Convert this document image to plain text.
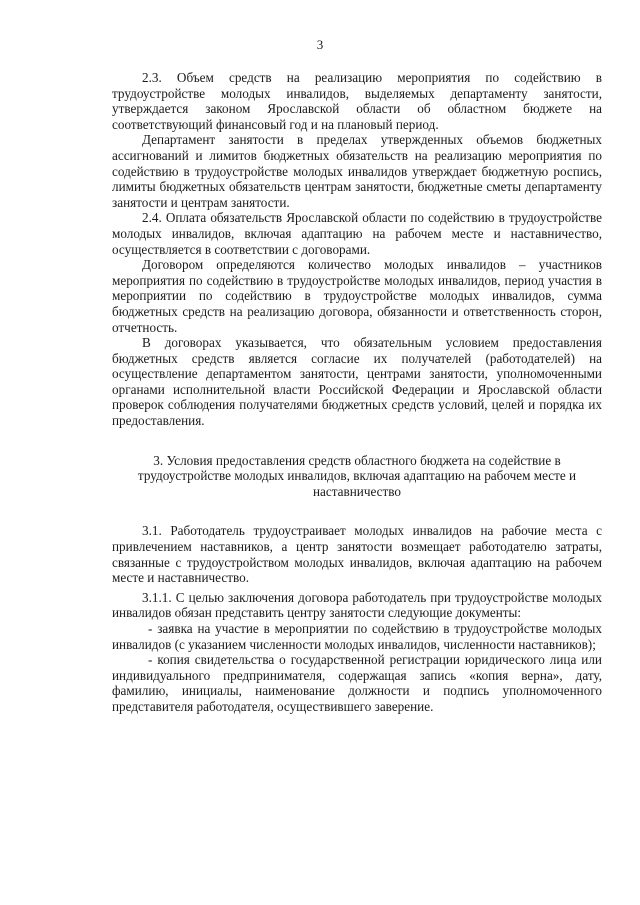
3

2.3. Объем средств на реализацию мероприятия по содействию в трудоустройстве молодых инвалидов, выделяемых департаменту занятости, утверждается законом Ярославской области об областном бюджете на соответствующий финансовый год и на плановый период.

Департамент занятости в пределах утвержденных объемов бюджетных ассигнований и лимитов бюджетных обязательств на реализацию мероприятия по содействию в трудоустройстве молодых инвалидов утверждает бюджетную роспись, лимиты бюджетных обязательств центрам занятости, бюджетные сметы департаменту занятости и центрам занятости.

2.4. Оплата обязательств Ярославской области по содействию в трудоустройстве молодых инвалидов, включая адаптацию на рабочем месте и наставничество, осуществляется в соответствии с договорами.

Договором определяются количество молодых инвалидов – участников мероприятия по содействию в трудоустройстве молодых инвалидов, период участия в мероприятии по содействию в трудоустройстве молодых инвалидов, сумма бюджетных средств на реализацию договора, обязанности и ответственность сторон, отчетность.

В договорах указывается, что обязательным условием предоставления бюджетных средств является согласие их получателей (работодателей) на осуществление департаментом занятости, центрами занятости, уполномоченными органами исполнительной власти Российской Федерации и Ярославской области проверок соблюдения получателями бюджетных средств условий, целей и порядка их предоставления.

3. Условия предоставления средств областного бюджета на содействие в трудоустройстве молодых инвалидов, включая адаптацию на рабочем месте и наставничество

3.1. Работодатель трудоустраивает молодых инвалидов на рабочие места с привлечением наставников, а центр занятости возмещает работодателю затраты, связанные с трудоустройством молодых инвалидов, включая адаптацию на рабочем месте и наставничество.

3.1.1. С целью заключения договора работодатель при трудоустройстве молодых инвалидов обязан представить центру занятости следующие документы:

- заявка на участие в мероприятии по содействию в трудоустройстве молодых инвалидов (с указанием численности молодых инвалидов, численности наставников);

- копия свидетельства о государственной регистрации юридического лица или индивидуального предпринимателя, содержащая запись «копия верна», дату, фамилию, инициалы, наименование должности и подпись уполномоченного представителя работодателя, осуществившего заверение.
